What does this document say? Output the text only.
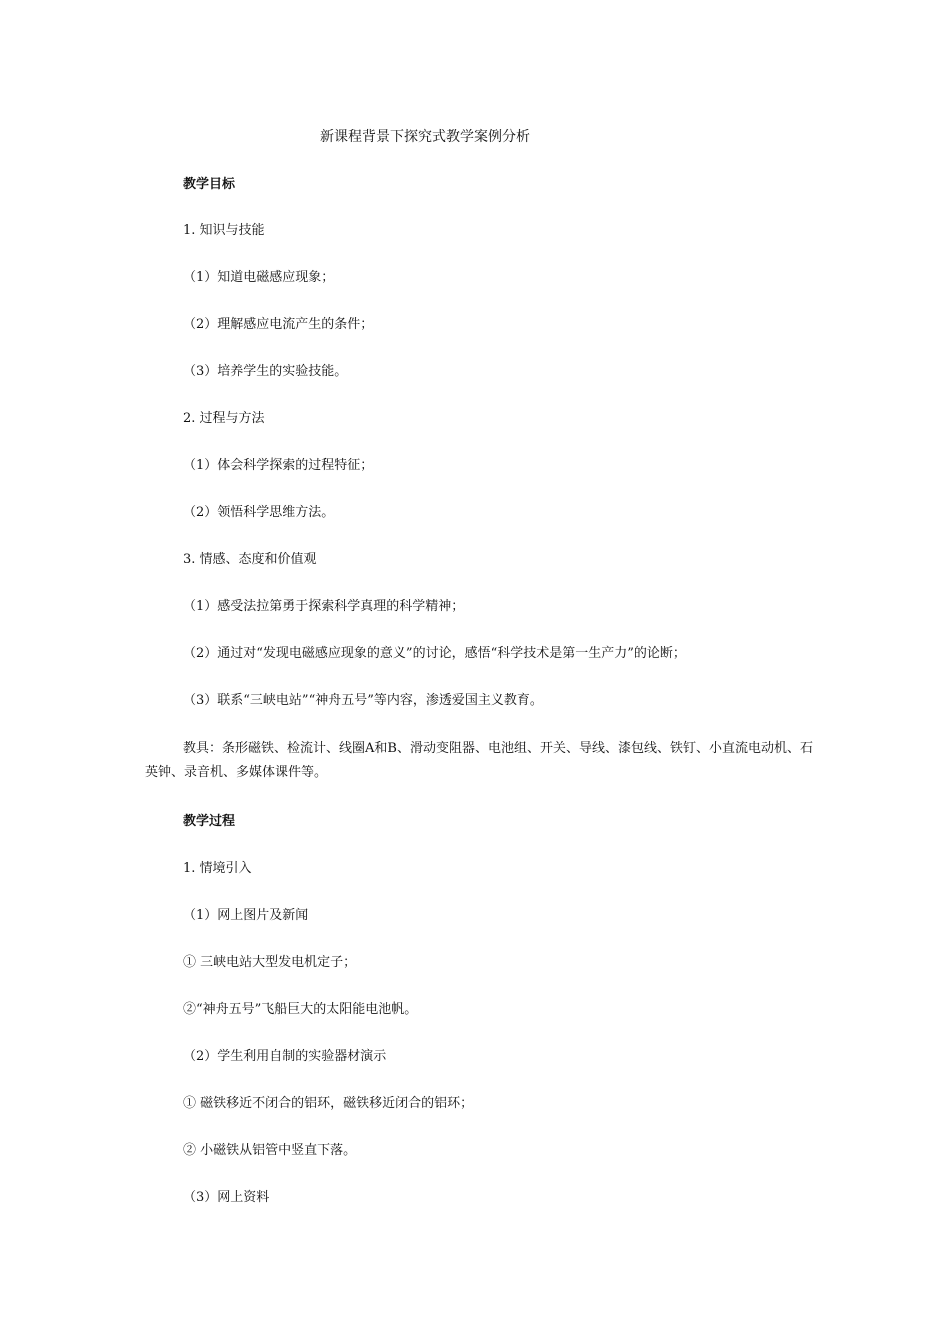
新课程背景下探究式教学案例分析
教学目标
1. 知识与技能
（1）知道电磁感应现象；
（2）理解感应电流产生的条件；
（3）培养学生的实验技能。
2. 过程与方法
（1）体会科学探索的过程特征；
（2）领悟科学思维方法。
3. 情感、态度和价值观
（1）感受法拉第勇于探索科学真理的科学精神；
（2）通过对“发现电磁感应现象的意义”的讨论，感悟“科学技术是第一生产力”的论断；
（3）联系“三峡电站”“神舟五号”等内容，渗透爱国主义教育。
教具：条形磁铁、检流计、线圈A和B、滑动变阻器、电池组、开关、导线、漆包线、铁钉、小直流电动机、石英钟、录音机、多媒体课件等。
教学过程
1. 情境引入
（1）网上图片及新闻
① 三峡电站大型发电机定子；
②“神舟五号”飞船巨大的太阳能电池帆。
（2）学生利用自制的实验器材演示
① 磁铁移近不闭合的铝环，磁铁移近闭合的铝环；
② 小磁铁从铝管中竖直下落。
（3）网上资料
